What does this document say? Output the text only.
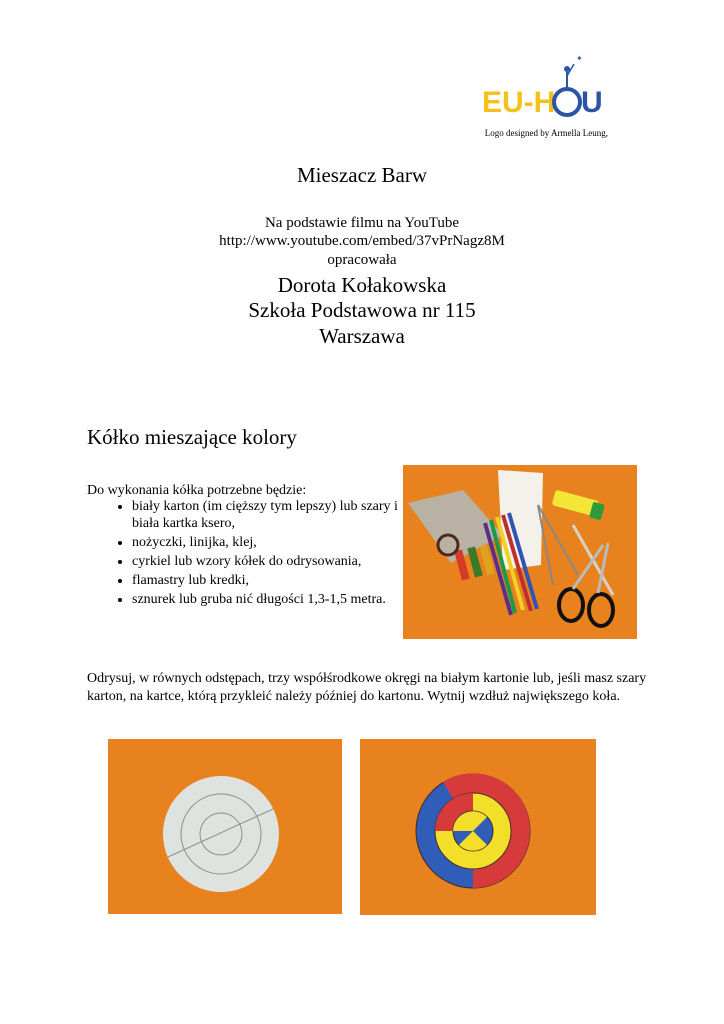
EU-H
✦
U
Logo designed by Armella Leung,
Mieszacz Barw
Na podstawie filmu na YouTube
http://www.youtube.com/embed/37vPrNagz8M
opracowała
Dorota Kołakowska
Szkoła Podstawowa nr 115
Warszawa
Kółko mieszające kolory
Do wykonania kółka potrzebne będzie:
• biały karton (im cięższy tym lepszy) lub szary i biała kartka ksero,
• nożyczki, linijka, klej,
• cyrkiel lub wzory kółek do odrysowania,
• flamastry lub kredki,
• sznurek lub gruba nić długości 1,3-1,5 metra.
Odrysuj, w równych odstępach, trzy współśrodkowe okręgi na białym kartonie lub, jeśli masz szary karton, na kartce, którą przykleić należy później do kartonu. Wytnij wzdłuż największego koła.
